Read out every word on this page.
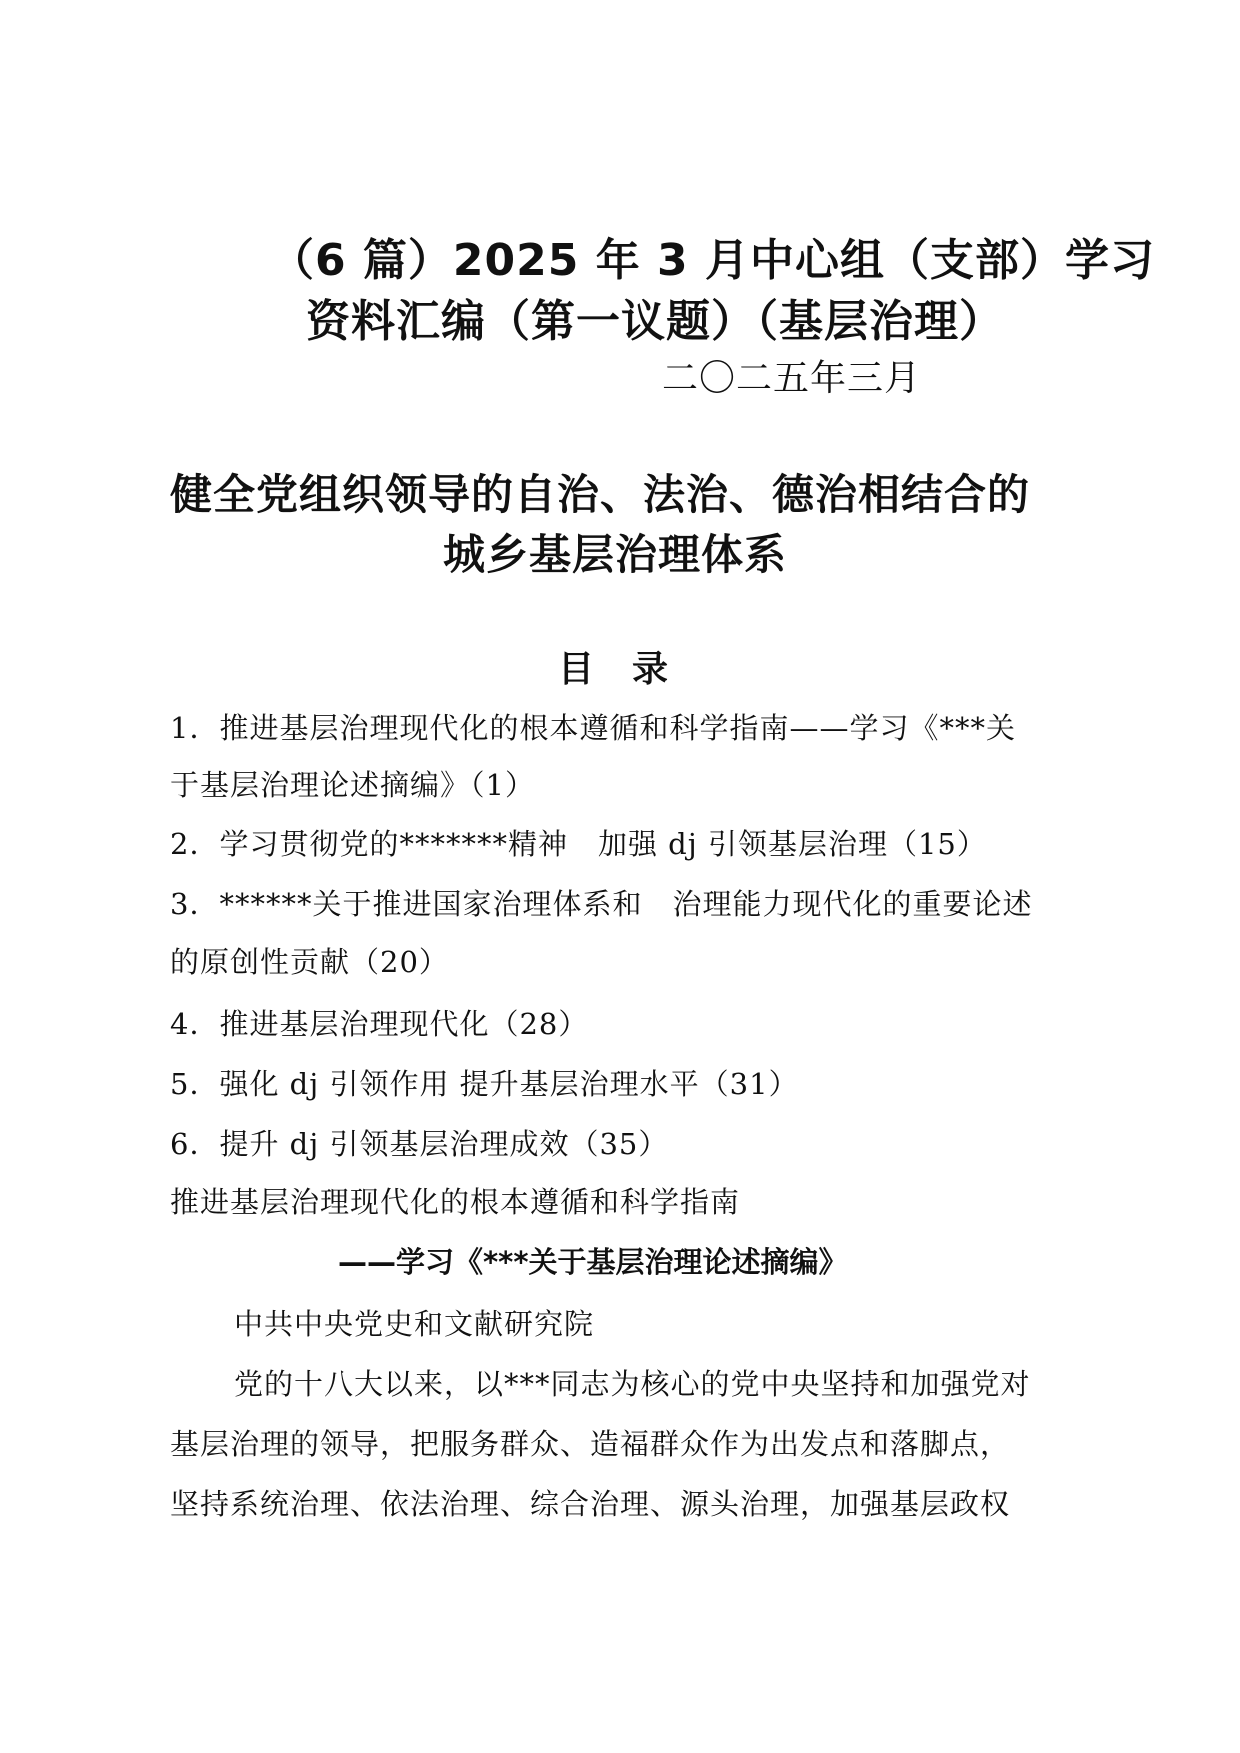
（6 篇）2025 年 3 月中心组（支部）学习
资料汇编（第一议题）（基层治理）
二〇二五年三月
健全党组织领导的自治、法治、德治相结合的
城乡基层治理体系
目录
1．推进基层治理现代化的根本遵循和科学指南——学习《***关
于基层治理论述摘编》（1）
2．学习贯彻党的*******精神　加强 dj 引领基层治理（15）
3．******关于推进国家治理体系和　治理能力现代化的重要论述
的原创性贡献（20）
4．推进基层治理现代化（28）
5．强化 dj 引领作用 提升基层治理水平（31）
6．提升 dj 引领基层治理成效（35）
推进基层治理现代化的根本遵循和科学指南
——学习《***关于基层治理论述摘编》
中共中央党史和文献研究院
党的十八大以来，以***同志为核心的党中央坚持和加强党对
基层治理的领导，把服务群众、造福群众作为出发点和落脚点，
坚持系统治理、依法治理、综合治理、源头治理，加强基层政权
